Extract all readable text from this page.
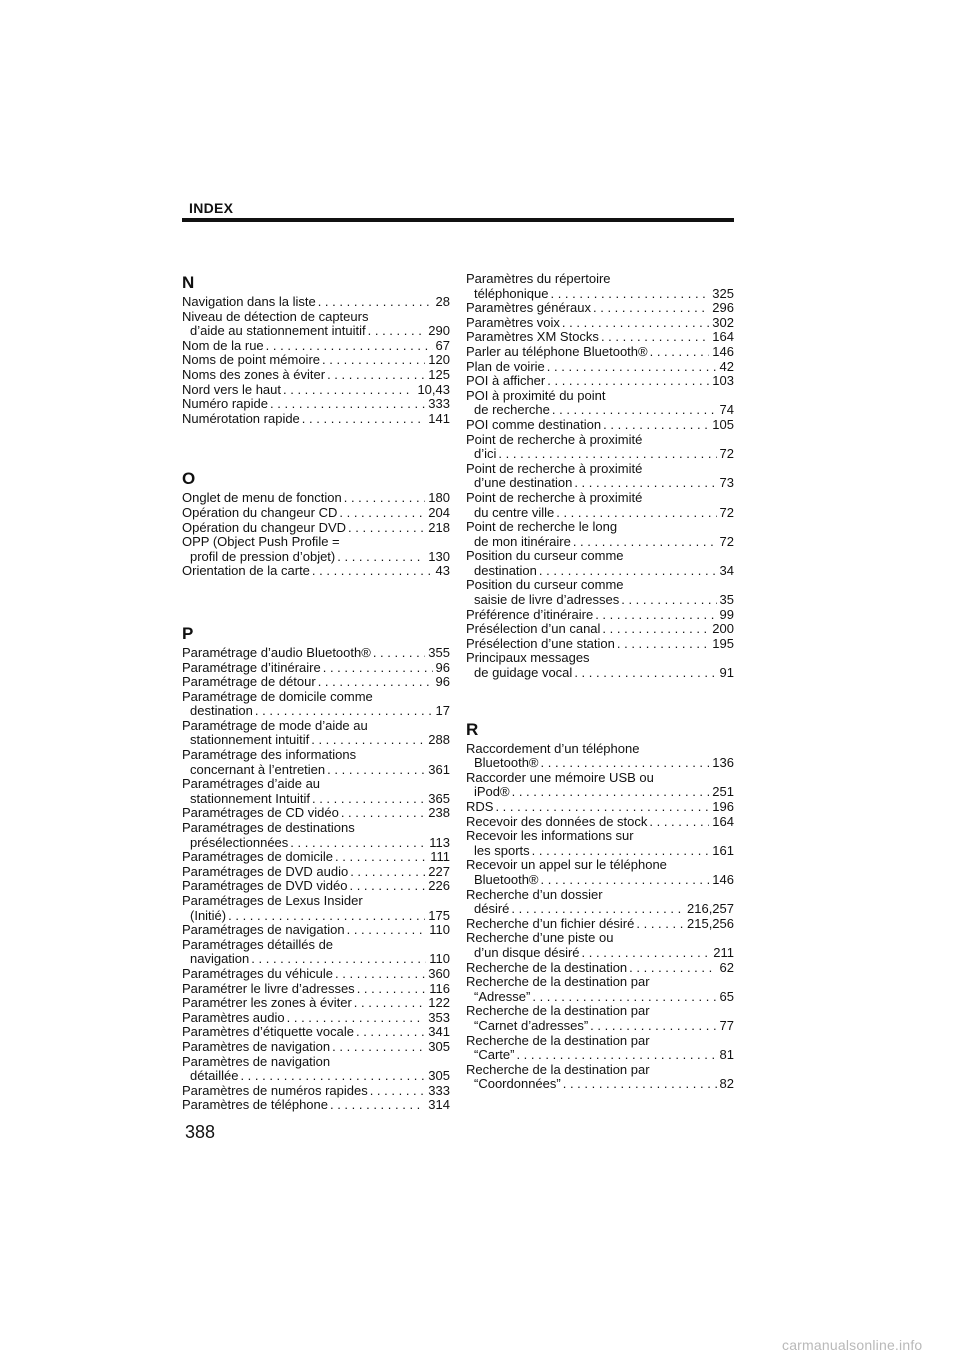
INDEX
N
Navigation dans la liste . . .	28
Niveau de détection de capteurs
d’aide au stationnement intuitif . . .	290
Nom de la rue . . .	67
Noms de point mémoire . . .	120
Noms des zones à éviter . . .	125
Nord vers le haut . . .	10,43
Numéro rapide . . .	333
Numérotation rapide . . .	141
O
Onglet de menu de fonction . . .	180
Opération du changeur CD . . .	204
Opération du changeur DVD . . .	218
OPP (Object Push Profile =
profil de pression d’objet) . . .	130
Orientation de la carte . . .	43
P
Paramétrage d’audio Bluetooth® . . .	355
Paramétrage d’itinéraire . . .	96
Paramétrage de détour . . .	96
Paramétrage de domicile comme
destination . . .	17
Paramétrage de mode d’aide au
stationnement intuitif . . .	288
Paramétrage des informations
concernant à l’entretien . . .	361
Paramétrages d’aide au
stationnement Intuitif . . .	365
Paramétrages de CD vidéo . . .	238
Paramétrages de destinations
présélectionnées . . .	113
Paramétrages de domicile . . .	111
Paramétrages de DVD audio . . .	227
Paramétrages de DVD vidéo . . .	226
Paramétrages de Lexus Insider
(Initié) . . .	175
Paramétrages de navigation . . .	110
Paramétrages détaillés de
navigation . . .	110
Paramétrages du véhicule . . .	360
Paramétrer le livre d’adresses . . .	116
Paramétrer les zones à éviter . . .	122
Paramètres audio . . .	353
Paramètres d’étiquette vocale . . .	341
Paramètres de navigation . . .	305
Paramètres de navigation
détaillée . . .	305
Paramètres de numéros rapides . . .	333
Paramètres de téléphone . . .	314
Paramètres du répertoire
téléphonique . . .	325
Paramètres généraux . . .	296
Paramètres voix . . .	302
Paramètres XM Stocks . . .	164
Parler au téléphone Bluetooth® . . .	146
Plan de voirie . . .	42
POI à afficher . . .	103
POI à proximité du point
de recherche . . .	74
POI comme destination . . .	105
Point de recherche à proximité
d’ici . . .	72
Point de recherche à proximité
d’une destination . . .	73
Point de recherche à proximité
du centre ville . . .	72
Point de recherche le long
de mon itinéraire . . .	72
Position du curseur comme
destination . . .	34
Position du curseur comme
saisie de livre d’adresses . . .	35
Préférence d’itinéraire . . .	99
Présélection d’un canal . . .	200
Présélection d’une station . . .	195
Principaux messages
de guidage vocal . . .	91
R
Raccordement d’un téléphone
Bluetooth® . . .	136
Raccorder une mémoire USB ou
iPod® . . .	251
RDS . . .	196
Recevoir des données de stock . . .	164
Recevoir les informations sur
les sports . . .	161
Recevoir un appel sur le téléphone
Bluetooth® . . .	146
Recherche d’un dossier
désiré . . .	216,257
Recherche d’un fichier désiré . . .	215,256
Recherche d’une piste ou
d’un disque désiré . . .	211
Recherche de la destination . . .	62
Recherche de la destination par
“Adresse” . . .	65
Recherche de la destination par
“Carnet d’adresses” . . .	77
Recherche de la destination par
“Carte” . . .	81
Recherche de la destination par
“Coordonnées” . . .	82
388
carmanualsonline.info
